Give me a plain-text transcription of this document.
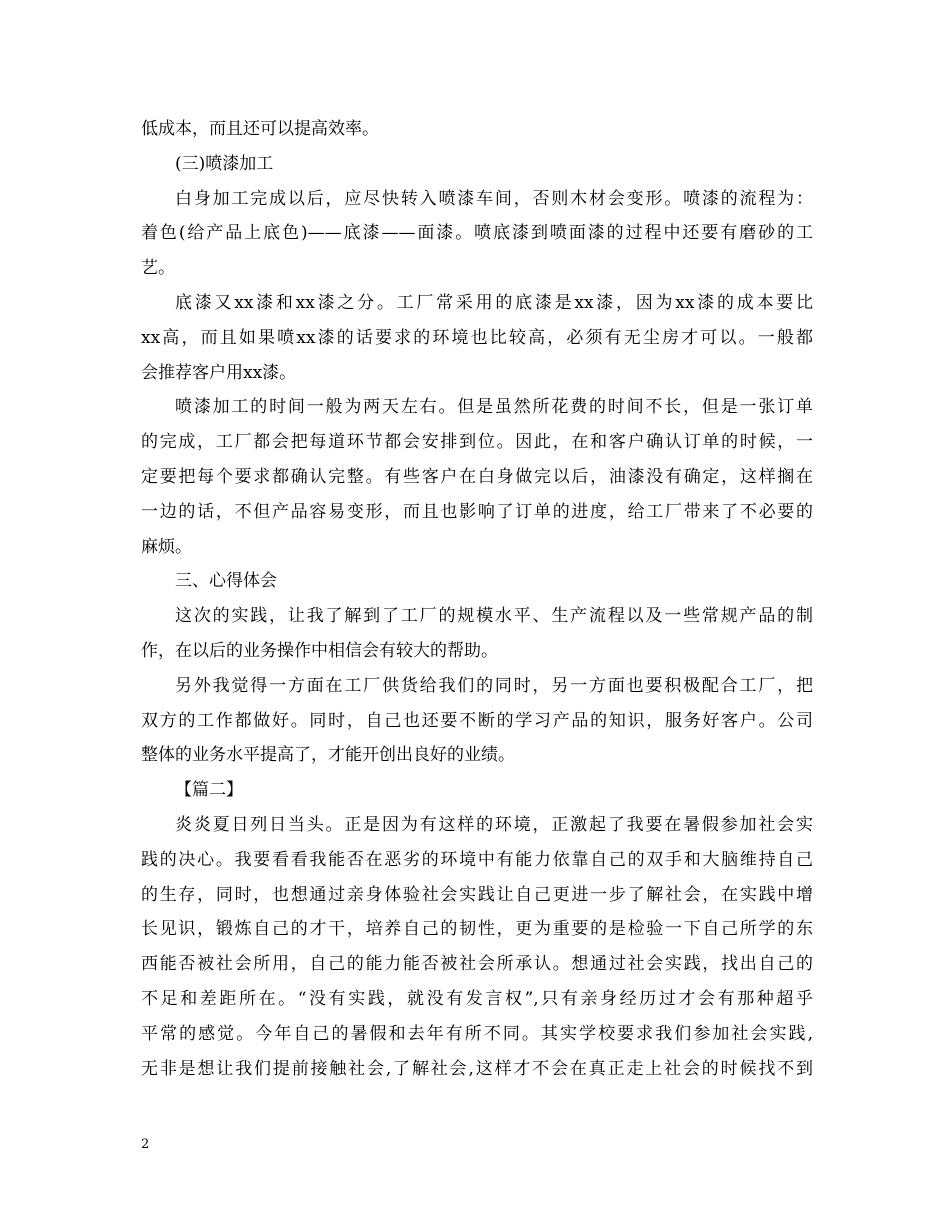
低成本，而且还可以提高效率。
(三)喷漆加工
白身加工完成以后，应尽快转入喷漆车间，否则木材会变形。喷漆的流程为：
着色(给产品上底色)——底漆——面漆。喷底漆到喷面漆的过程中还要有磨砂的工
艺。
底漆又xx漆和xx漆之分。工厂常采用的底漆是xx漆，因为xx漆的成本要比
xx高，而且如果喷xx漆的话要求的环境也比较高，必须有无尘房才可以。一般都
会推荐客户用xx漆。
喷漆加工的时间一般为两天左右。但是虽然所花费的时间不长，但是一张订单
的完成，工厂都会把每道环节都会安排到位。因此，在和客户确认订单的时候，一
定要把每个要求都确认完整。有些客户在白身做完以后，油漆没有确定，这样搁在
一边的话，不但产品容易变形，而且也影响了订单的进度，给工厂带来了不必要的
麻烦。
三、心得体会
这次的实践，让我了解到了工厂的规模水平、生产流程以及一些常规产品的制
作，在以后的业务操作中相信会有较大的帮助。
另外我觉得一方面在工厂供货给我们的同时，另一方面也要积极配合工厂，把
双方的工作都做好。同时，自己也还要不断的学习产品的知识，服务好客户。公司
整体的业务水平提高了，才能开创出良好的业绩。
【篇二】
炎炎夏日列日当头。正是因为有这样的环境，正激起了我要在暑假参加社会实
践的决心。我要看看我能否在恶劣的环境中有能力依靠自己的双手和大脑维持自己
的生存，同时，也想通过亲身体验社会实践让自己更进一步了解社会，在实践中增
长见识，锻炼自己的才干，培养自己的韧性，更为重要的是检验一下自己所学的东
西能否被社会所用，自己的能力能否被社会所承认。想通过社会实践，找出自己的
不足和差距所在。“没有实践，就没有发言权”,只有亲身经历过才会有那种超乎
平常的感觉。今年自己的暑假和去年有所不同。其实学校要求我们参加社会实践,
无非是想让我们提前接触社会,了解社会,这样才不会在真正走上社会的时候找不到
2
